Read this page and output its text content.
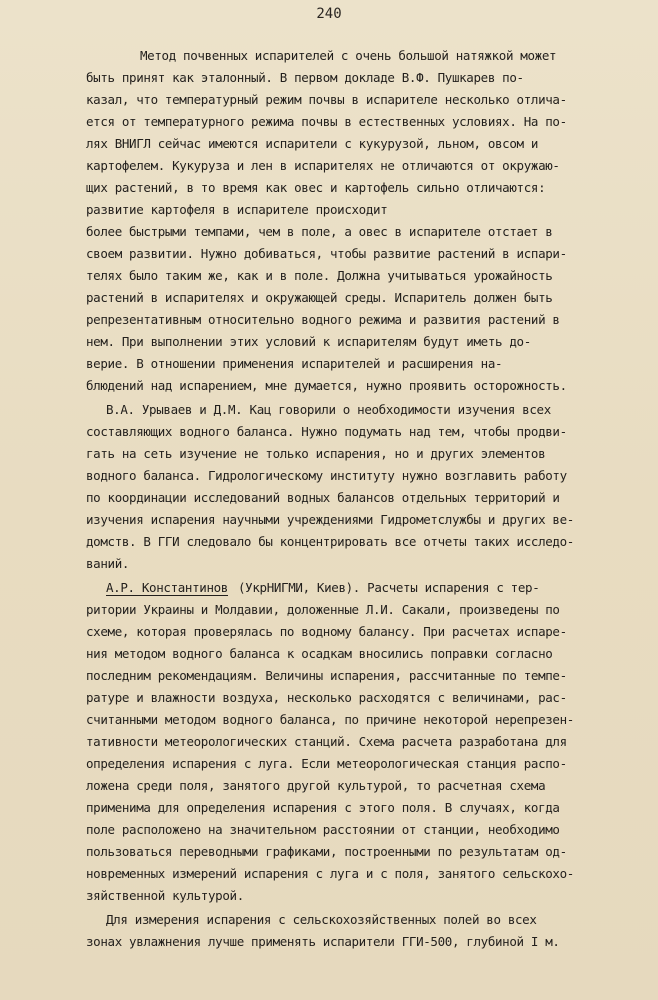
240
Метод почвенных испарителей с очень большой натяжкой может
быть принят как эталонный. В первом докладе В.Ф. Пушкарев по-
казал, что температурный режим почвы в испарителе несколько отлича-
ется от температурного режима почвы в естественных условиях. На по-
лях ВНИГЛ сейчас имеются испарители с кукурузой, льном, овсом и
картофелем. Кукуруза и лен в испарителях не отличаются от окружаю-
щих растений, в то время как овес и картофель сильно отличаются:
развитие картофеля в испарителе происходит
более быстрыми темпами, чем в поле, а овес в испарителе отстает в
своем развитии. Нужно добиваться, чтобы развитие растений в испари-
телях было таким же, как и в поле. Должна учитываться урожайность
растений в испарителях и окружающей среды. Испаритель должен быть
репрезентативным относительно водного режима и развития растений в
нем. При выполнении этих условий к испарителям будут иметь до-
верие. В отношении применения испарителей и расширения на-
блюдений над испарением, мне думается, нужно проявить осторожность.
В.А. Урываев и Д.М. Кац говорили о необходимости изучения всех
составляющих водного баланса. Нужно подумать над тем, чтобы продви-
гать на сеть изучение не только испарения, но и других элементов
водного баланса. Гидрологическому институту нужно возглавить работу
по координации исследований водных балансов отдельных территорий и
изучения испарения научными учреждениями Гидрометслужбы и других ве-
домств. В ГГИ следовало бы концентрировать все отчеты таких исследо-
ваний.
А.Р. Константинов (УкрНИГМИ, Киев). Расчеты испарения с тер-
ритории Украины и Молдавии, доложенные Л.И. Сакали, произведены по
схеме, которая проверялась по водному балансу. При расчетах испаре-
ния методом водного баланса к осадкам вносились поправки согласно
последним рекомендациям. Величины испарения, рассчитанные по темпе-
ратуре и влажности воздуха, несколько расходятся с величинами, рас-
считанными методом водного баланса, по причине некоторой нерепрезен-
тативности метеорологических станций. Схема расчета разработана для
определения испарения с луга. Если метеорологическая станция распо-
ложена среди поля, занятого другой культурой, то расчетная схема
применима для определения испарения с этого поля. В случаях, когда
поле расположено на значительном расстоянии от станции, необходимо
пользоваться переводными графиками, построенными по результатам од-
новременных измерений испарения с луга и с поля, занятого сельскохо-
зяйственной культурой.
Для измерения испарения с сельскохозяйственных полей во всех
зонах увлажнения лучше применять испарители ГГИ-500, глубиной I м.
